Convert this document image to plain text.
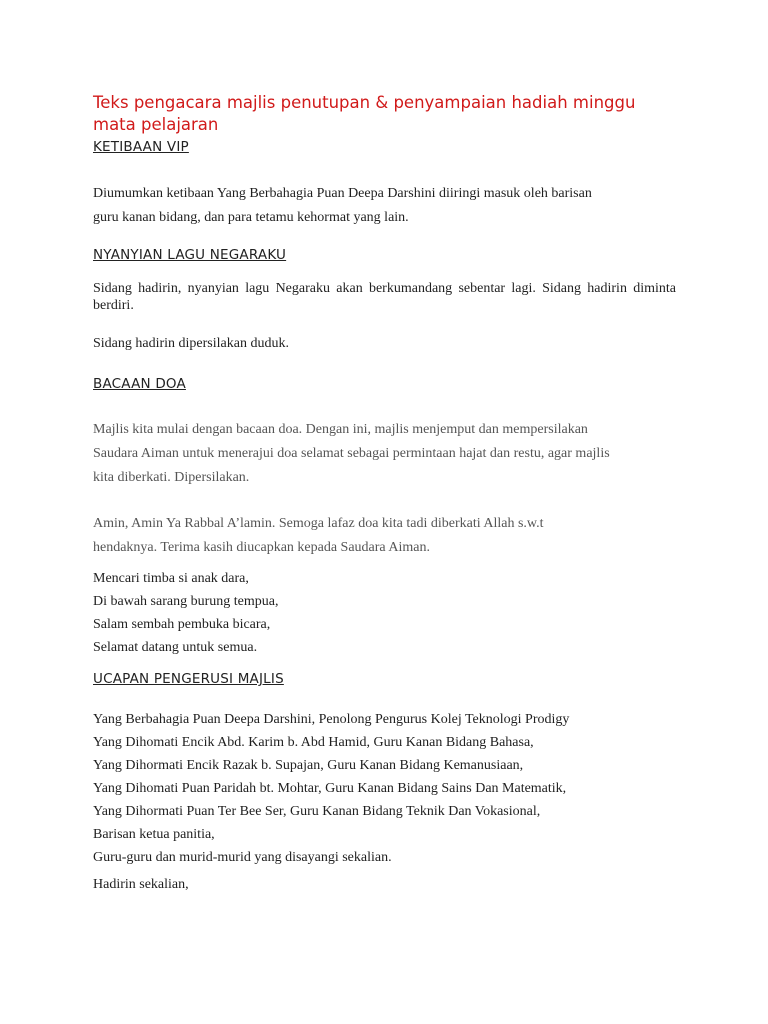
Teks pengacara majlis penutupan & penyampaian hadiah minggu mata pelajaran
KETIBAAN VIP
Diumumkan ketibaan Yang Berbahagia Puan Deepa Darshini diiringi masuk oleh barisan
guru kanan bidang, dan para tetamu kehormat yang lain.
NYANYIAN LAGU NEGARAKU

Sidang hadirin, nyanyian lagu Negaraku akan berkumandang sebentar lagi. Sidang hadirin diminta berdiri.

Sidang hadirin dipersilakan duduk.

BACAAN DOA
Majlis kita mulai dengan bacaan doa. Dengan ini, majlis menjemput dan mempersilakan
Saudara Aiman untuk menerajui doa selamat sebagai permintaan hajat dan restu, agar majlis
kita diberkati. Dipersilakan.
Amin, Amin Ya Rabbal A’lamin. Semoga lafaz doa kita tadi diberkati Allah s.w.t
hendaknya. Terima kasih diucapkan kepada Saudara Aiman.
Mencari timba si anak dara,
Di bawah sarang burung tempua,
Salam sembah pembuka bicara,
Selamat datang untuk semua.
UCAPAN PENGERUSI MAJLIS
Yang Berbahagia Puan Deepa Darshini, Penolong Pengurus Kolej Teknologi Prodigy
Yang Dihomati Encik Abd. Karim b. Abd Hamid, Guru Kanan Bidang Bahasa,
Yang Dihormati Encik Razak b. Supajan, Guru Kanan Bidang Kemanusiaan,
Yang Dihomati Puan Paridah bt. Mohtar, Guru Kanan Bidang Sains Dan Matematik,
Yang Dihormati Puan Ter Bee Ser, Guru Kanan Bidang Teknik Dan Vokasional,
Barisan ketua panitia,
Guru-guru dan murid-murid yang disayangi sekalian.

Hadirin sekalian,
